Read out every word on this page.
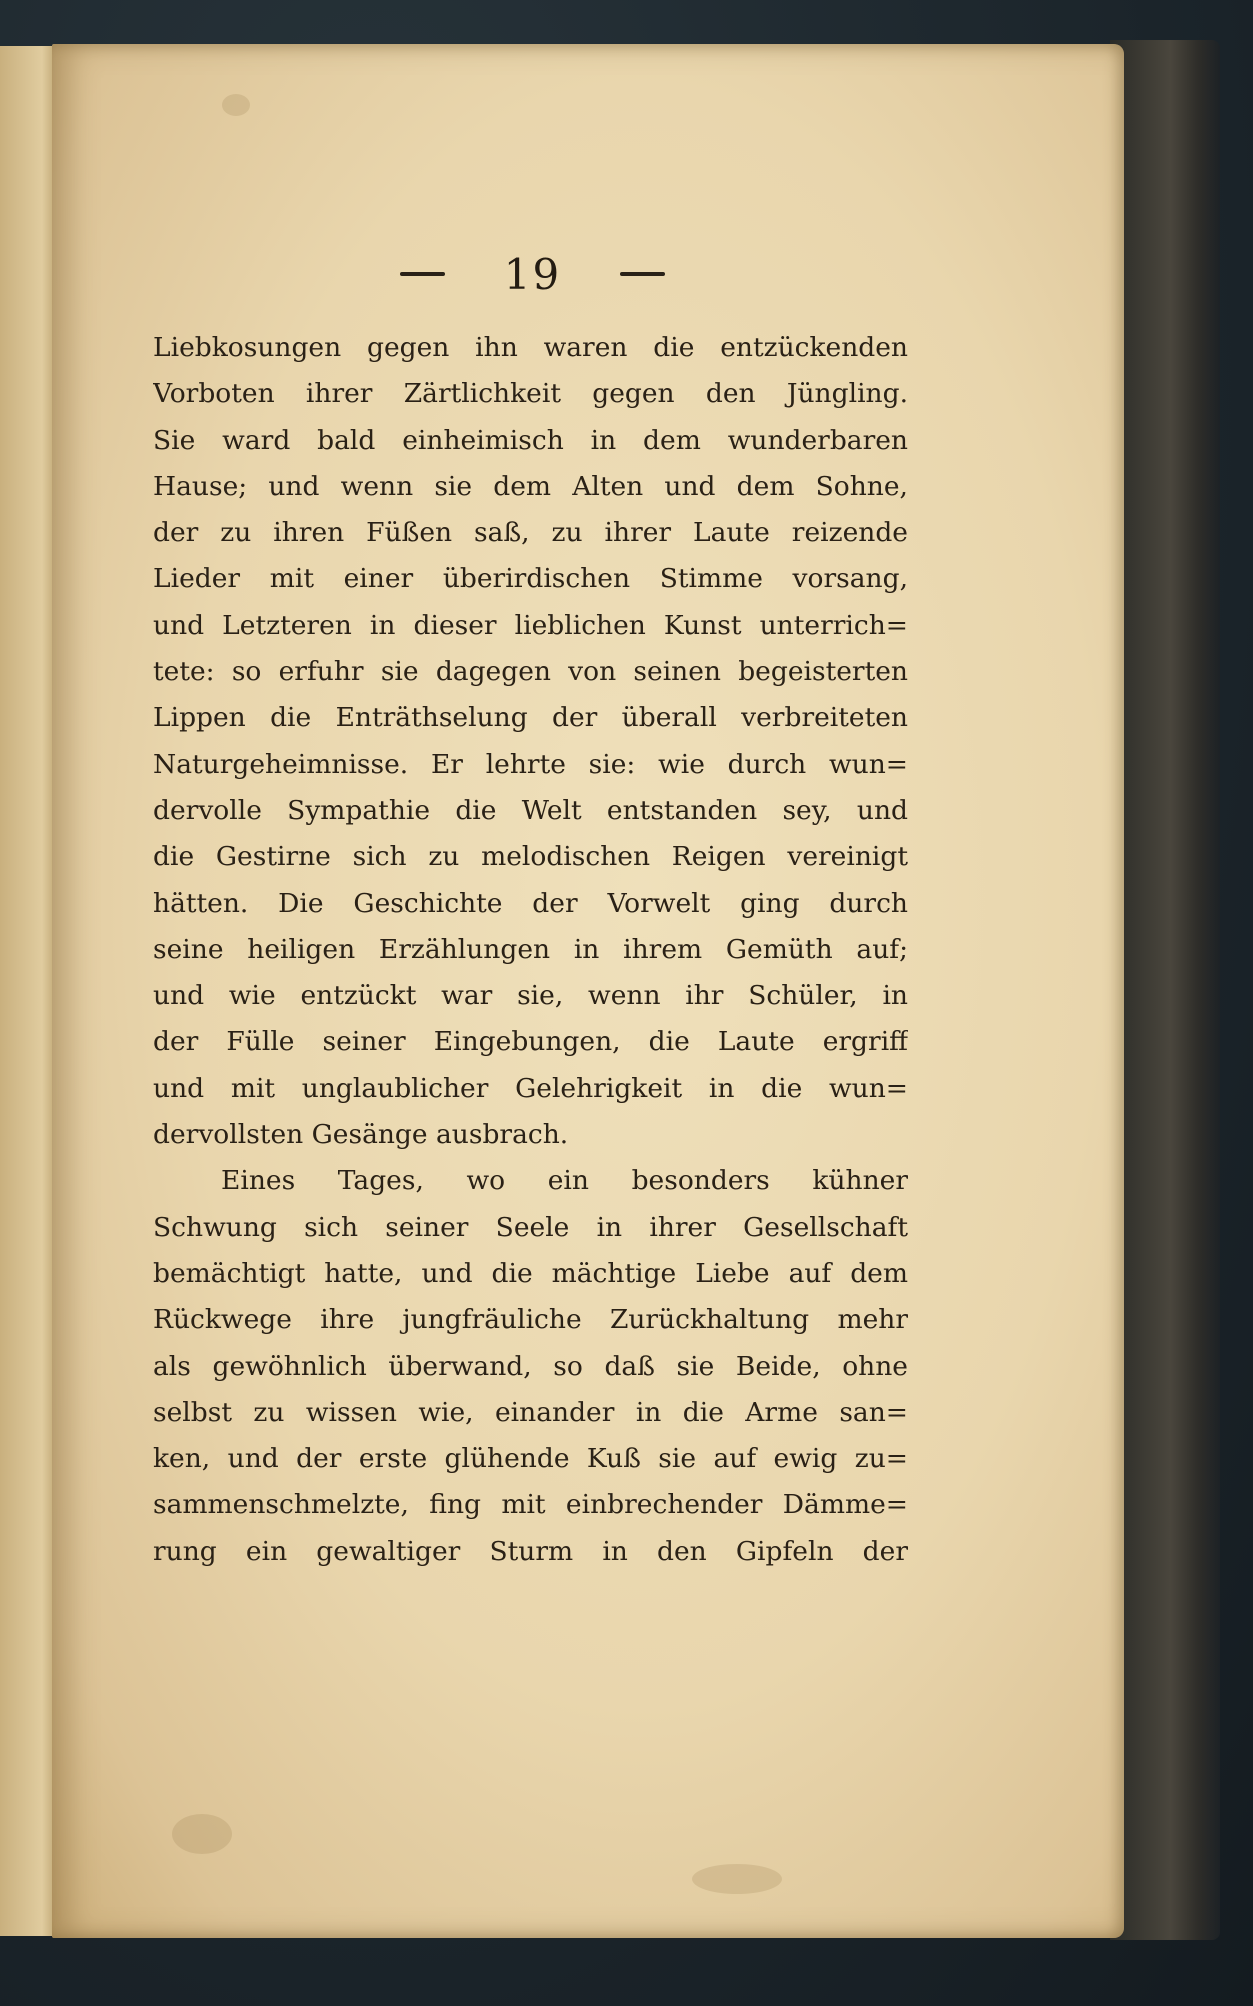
19
Liebkosungen gegen ihn waren die entzückenden
Vorboten ihrer Zärtlichkeit gegen den Jüngling.
Sie ward bald einheimisch in dem wunderbaren
Hause; und wenn sie dem Alten und dem Sohne,
der zu ihren Füßen saß, zu ihrer Laute reizende
Lieder mit einer überirdischen Stimme vorsang,
und Letzteren in dieser lieblichen Kunst unterrich=
tete: so erfuhr sie dagegen von seinen begeisterten
Lippen die Enträthselung der überall verbreiteten
Naturgeheimnisse. Er lehrte sie: wie durch wun=
dervolle Sympathie die Welt entstanden sey, und
die Gestirne sich zu melodischen Reigen vereinigt
hätten. Die Geschichte der Vorwelt ging durch
seine heiligen Erzählungen in ihrem Gemüth auf;
und wie entzückt war sie, wenn ihr Schüler, in
der Fülle seiner Eingebungen, die Laute ergriff
und mit unglaublicher Gelehrigkeit in die wun=
dervollsten Gesänge ausbrach.
Eines Tages, wo ein besonders kühner
Schwung sich seiner Seele in ihrer Gesellschaft
bemächtigt hatte, und die mächtige Liebe auf dem
Rückwege ihre jungfräuliche Zurückhaltung mehr
als gewöhnlich überwand, so daß sie Beide, ohne
selbst zu wissen wie, einander in die Arme san=
ken, und der erste glühende Kuß sie auf ewig zu=
sammenschmelzte, fing mit einbrechender Dämme=
rung ein gewaltiger Sturm in den Gipfeln der
